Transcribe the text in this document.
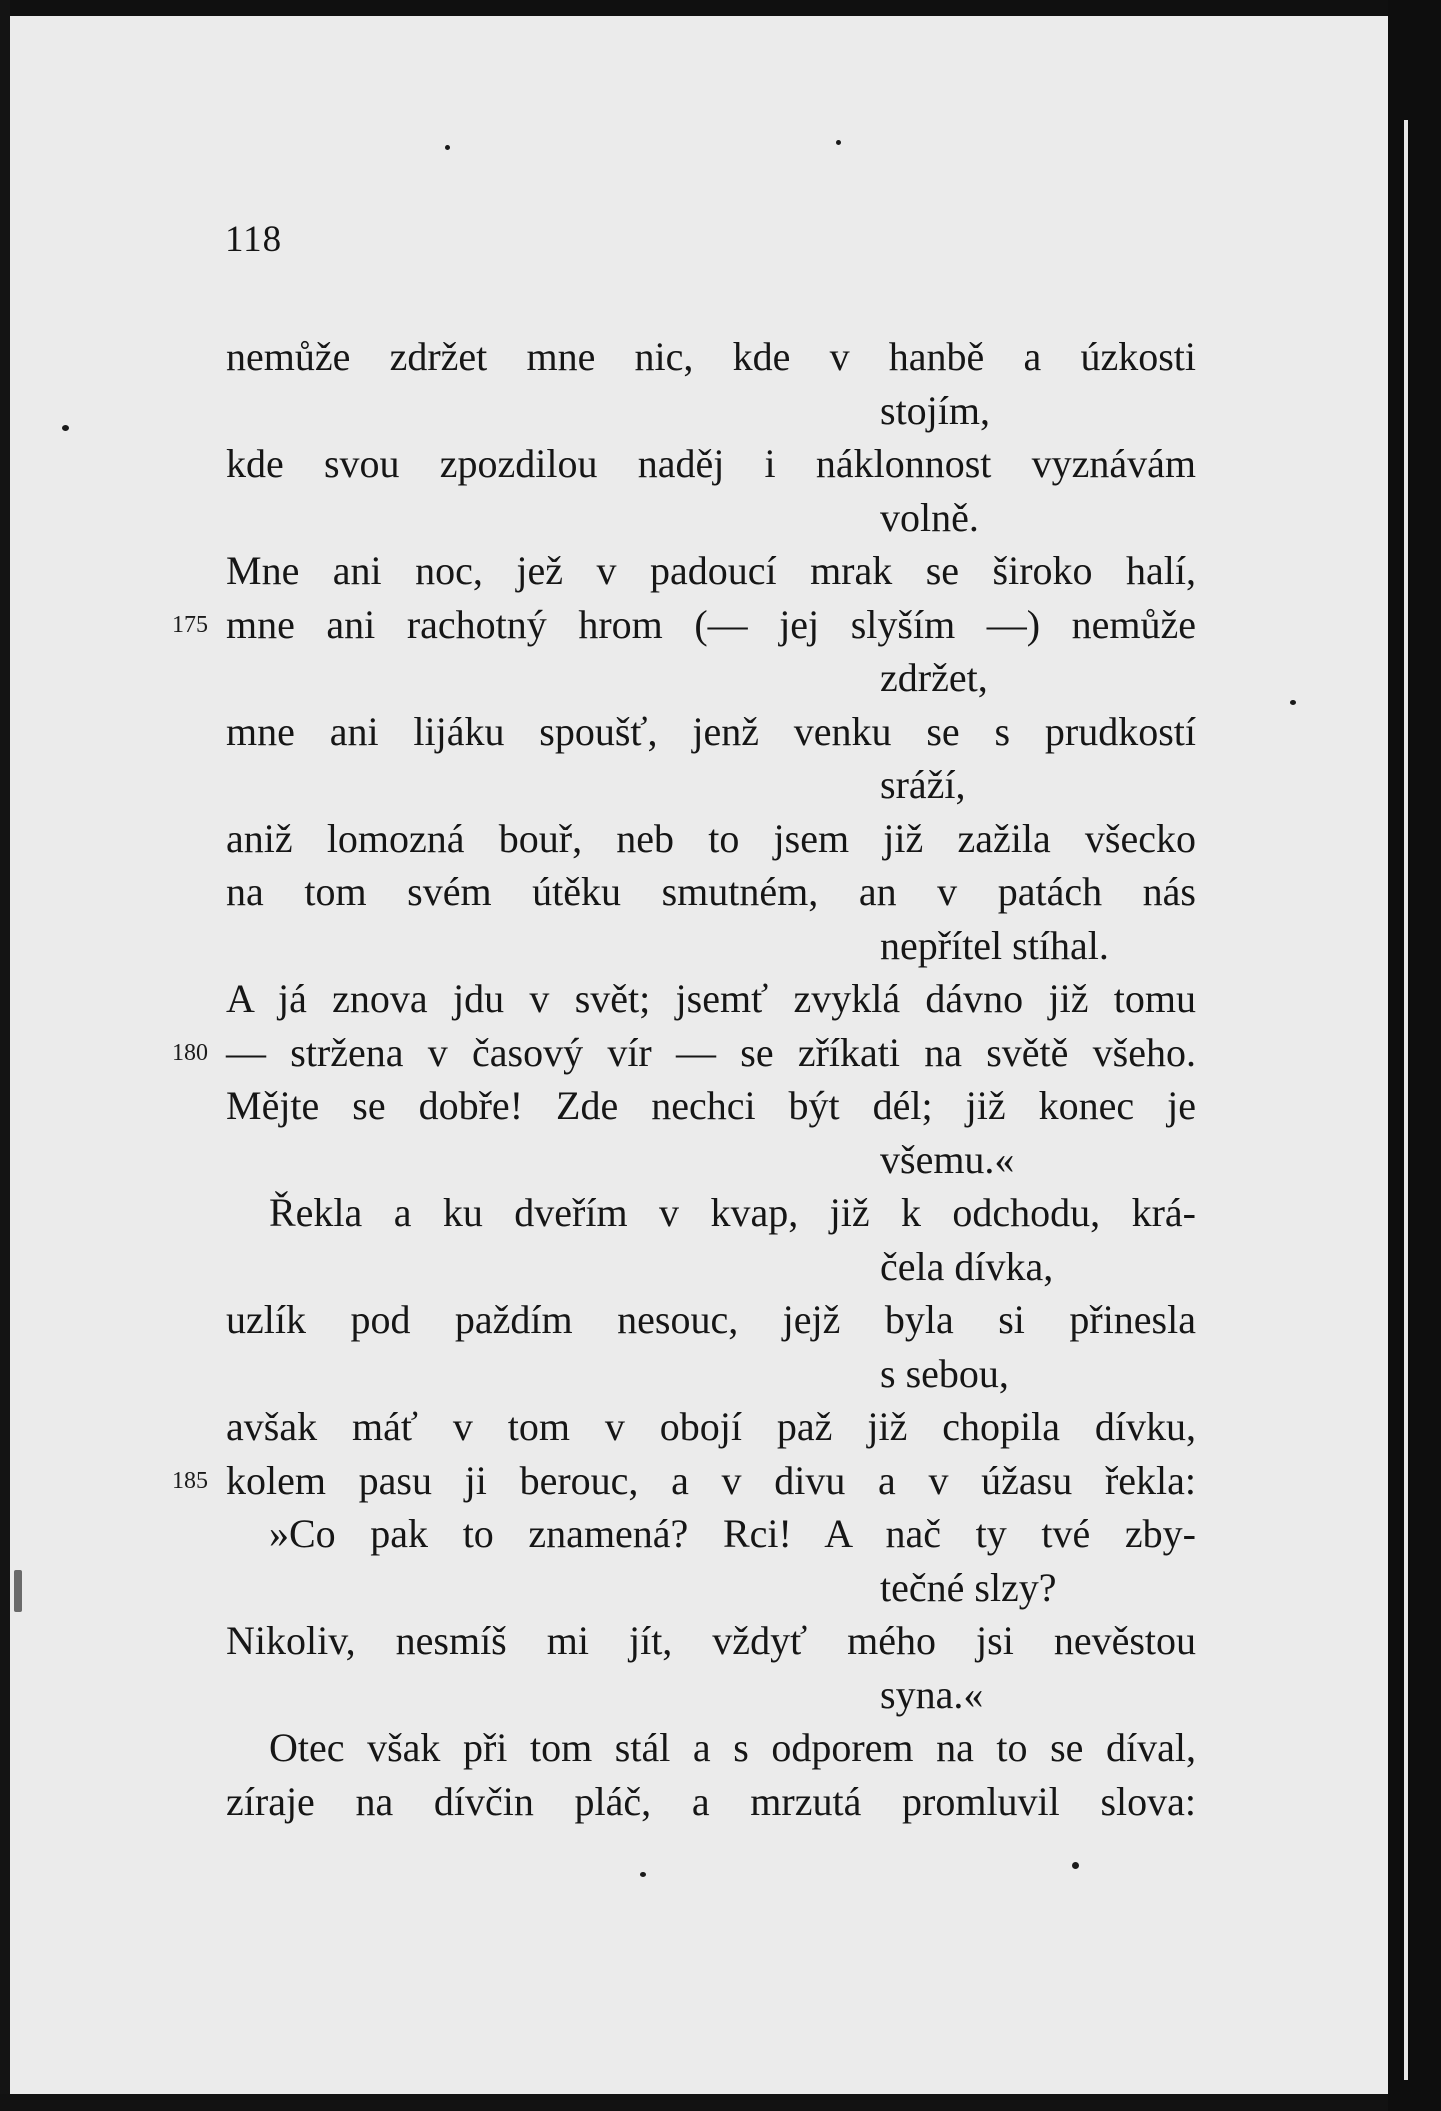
118
nemůže zdržet mne nic, kde v hanbě a úzkosti
stojím,
kde svou zpozdilou naděj i náklonnost vyznávám
volně.
Mne ani noc, jež v padoucí mrak se široko halí,
175 mne ani rachotný hrom (— jej slyším —) nemůže
zdržet,
mne ani lijáku spoušť, jenž venku se s prudkostí
sráží,
aniž lomozná bouř, neb to jsem již zažila všecko
na tom svém útěku smutném, an v patách nás
nepřítel stíhal.
A já znova jdu v svět; jsemť zvyklá dávno již tomu
180 — stržena v časový vír — se zříkati na světě všeho.
Mějte se dobře! Zde nechci být dél; již konec je
všemu.«
Řekla a ku dveřím v kvap, již k odchodu, krá-
čela dívka,
uzlík pod paždím nesouc, jejž byla si přinesla
s sebou,
avšak máť v tom v obojí paž již chopila dívku,
185 kolem pasu ji berouc, a v divu a v úžasu řekla:
»Co pak to znamená? Rci! A nač ty tvé zby-
tečné slzy?
Nikoliv, nesmíš mi jít, vždyť mého jsi nevěstou
syna.«
Otec však při tom stál a s odporem na to se díval,
zíraje na dívčin pláč, a mrzutá promluvil slova:
